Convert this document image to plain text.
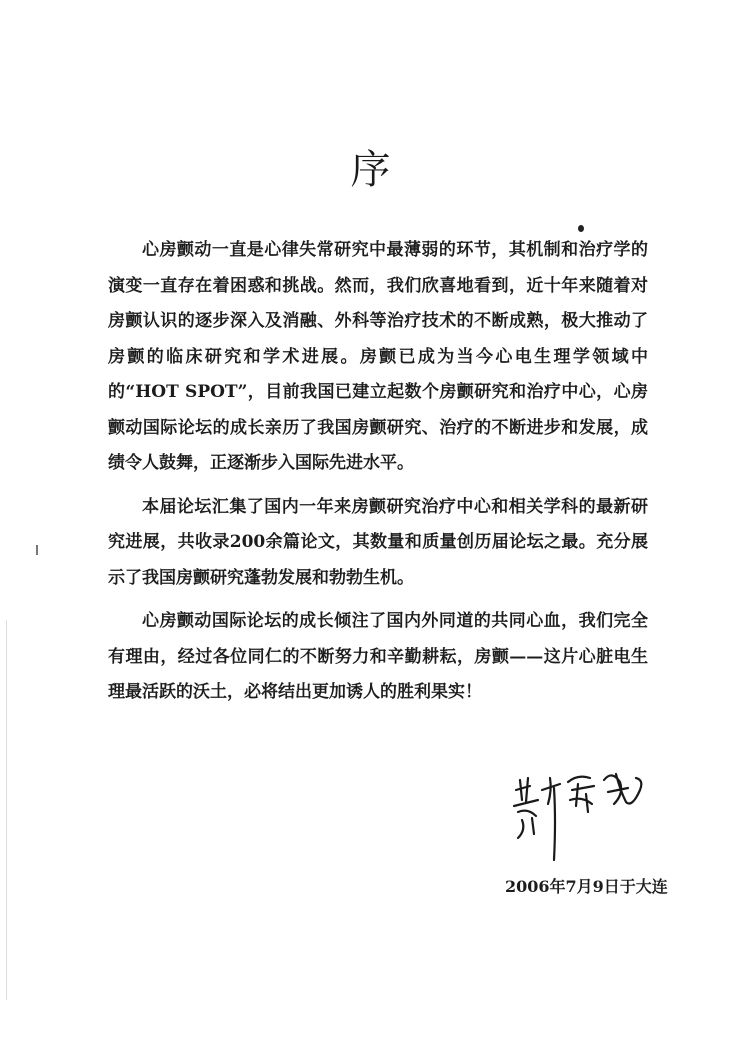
序

心房颤动一直是心律失常研究中最薄弱的环节，其机制和治疗学的演变一直存在着困惑和挑战。然而，我们欣喜地看到，近十年来随着对房颤认识的逐步深入及消融、外科等治疗技术的不断成熟，极大推动了房颤的临床研究和学术进展。房颤已成为当今心电生理学领域中的“HOT SPOT”，目前我国已建立起数个房颤研究和治疗中心，心房颤动国际论坛的成长亲历了我国房颤研究、治疗的不断进步和发展，成绩令人鼓舞，正逐渐步入国际先进水平。

本届论坛汇集了国内一年来房颤研究治疗中心和相关学科的最新研究进展，共收录200余篇论文，其数量和质量创历届论坛之最。充分展示了我国房颤研究蓬勃发展和勃勃生机。

心房颤动国际论坛的成长倾注了国内外同道的共同心血，我们完全有理由，经过各位同仁的不断努力和辛勤耕耘，房颤——这片心脏电生理最活跃的沃土，必将结出更加诱人的胜利果实！

2006年7月9日于大连
